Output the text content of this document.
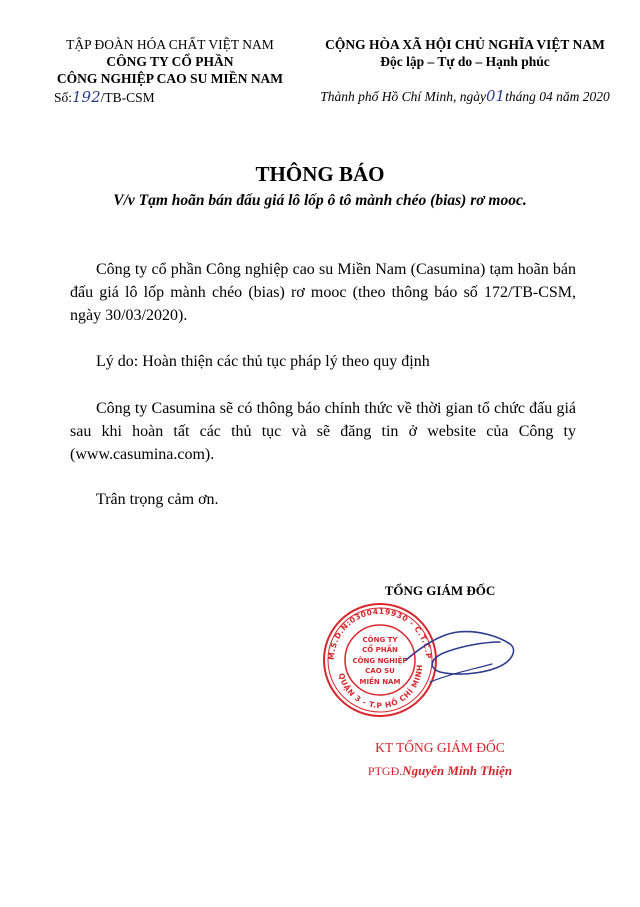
TẬP ĐOÀN HÓA CHẤT VIỆT NAM
CÔNG TY CỔ PHẦN
CÔNG NGHIỆP CAO SU MIỀN NAM
Số:192/TB-CSM
CỘNG HÒA XÃ HỘI CHỦ NGHĨA VIỆT NAM
Độc lập – Tự do – Hạnh phúc
Thành phố Hồ Chí Minh, ngày01tháng 04 năm 2020
THÔNG BÁO
V/v Tạm hoãn bán đấu giá lô lốp ô tô mành chéo (bias) rơ mooc.
Công ty cổ phần Công nghiệp cao su Miền Nam (Casumina) tạm hoãn bán đấu giá lô lốp mành chéo (bias) rơ mooc (theo thông báo số 172/TB-CSM, ngày 30/03/2020).
Lý do: Hoàn thiện các thủ tục pháp lý theo quy định
Công ty Casumina sẽ có thông báo chính thức về thời gian tổ chức đấu giá sau khi hoàn tất các thủ tục và sẽ đăng tin ở website của Công ty (www.casumina.com).
Trân trọng cảm ơn.
TỔNG GIÁM ĐỐC
M.S.D.N:0300419930 - C.T.C.P
QUẬN 3 - T.P HỒ CHÍ MINH
CÔNG TY
CỔ PHẦN
CÔNG NGHIỆP
CAO SU
MIỀN NAM
KT TỔNG GIÁM ĐỐC
PTGĐ.Nguyễn Minh Thiện
